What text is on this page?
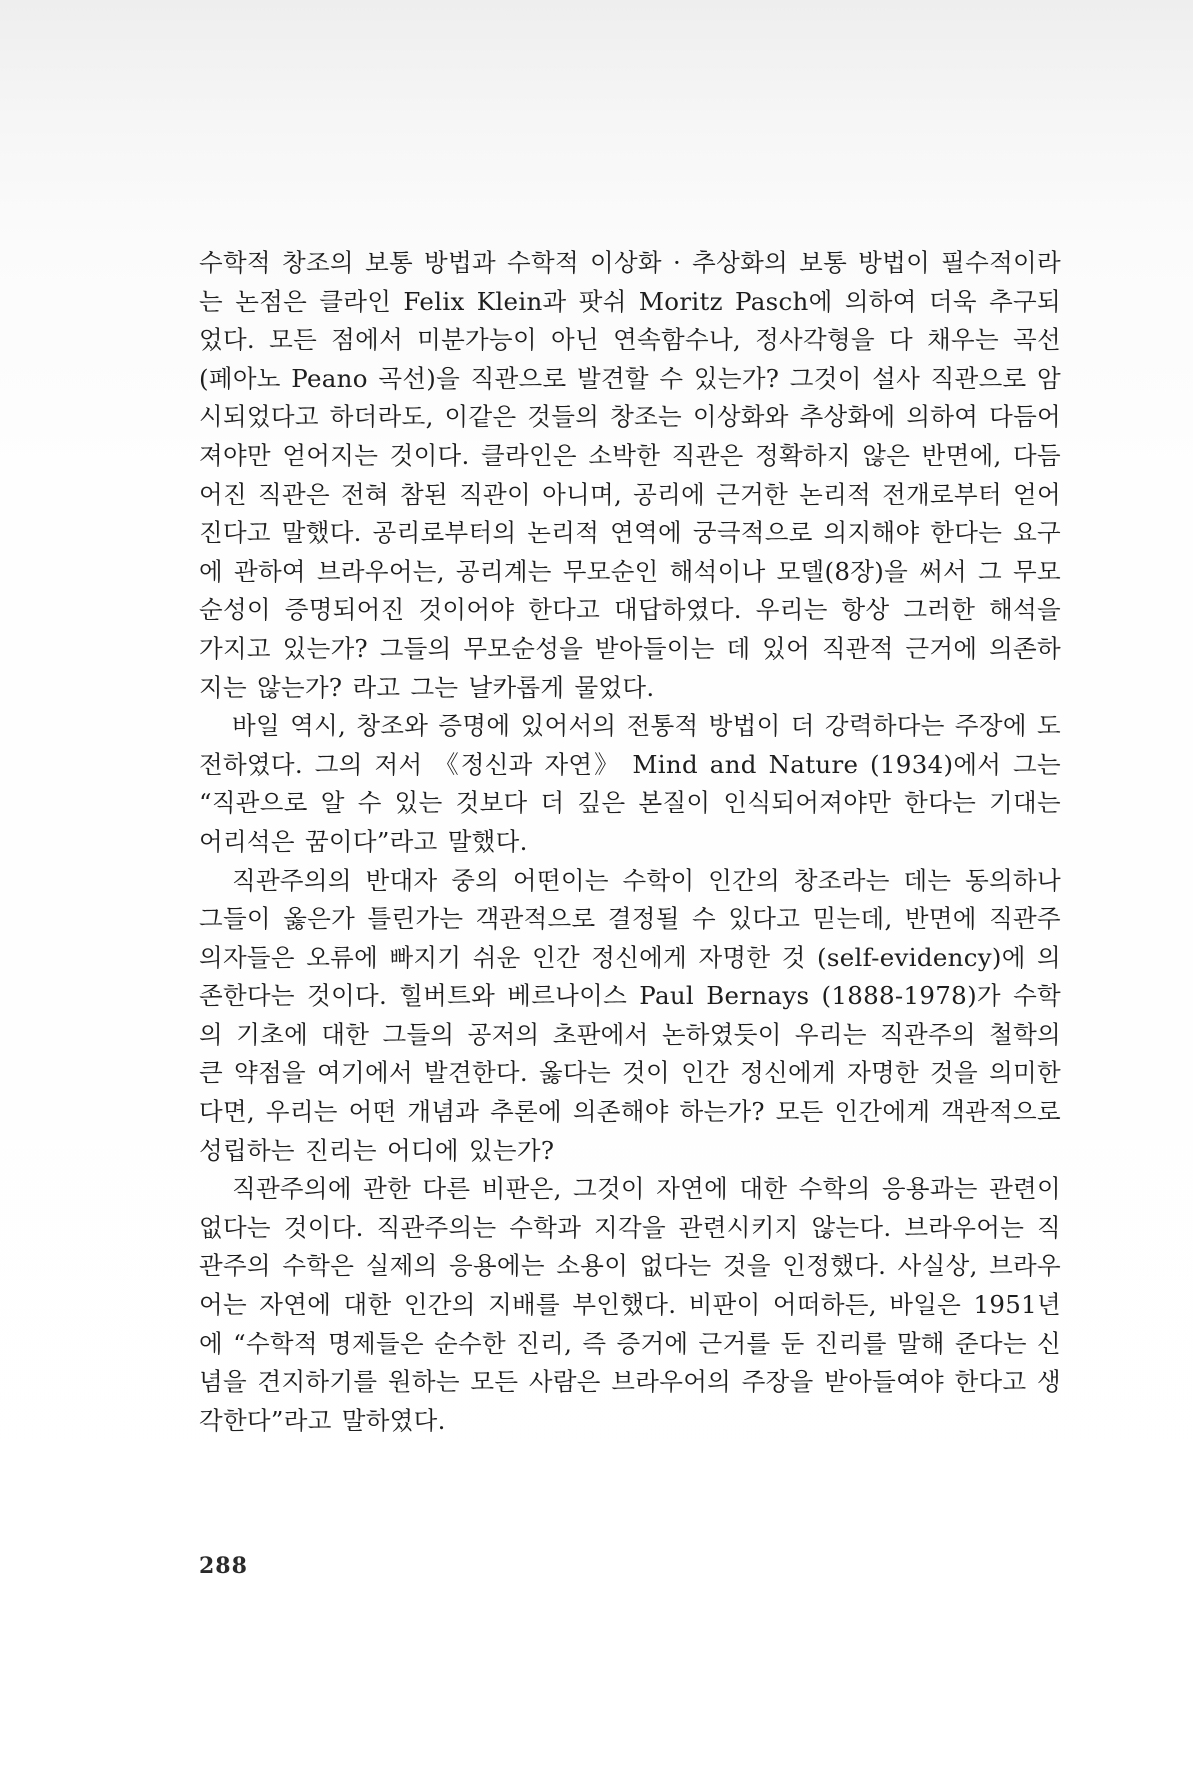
수학적 창조의 보통 방법과 수학적 이상화 · 추상화의 보통 방법이 필수적이라는 논점은 클라인 Felix Klein과 팟쉬 Moritz Pasch에 의하여 더욱 추구되었다. 모든 점에서 미분가능이 아닌 연속함수나, 정사각형을 다 채우는 곡선 (페아노 Peano 곡선)을 직관으로 발견할 수 있는가? 그것이 설사 직관으로 암시되었다고 하더라도, 이같은 것들의 창조는 이상화와 추상화에 의하여 다듬어져야만 얻어지는 것이다. 클라인은 소박한 직관은 정확하지 않은 반면에, 다듬어진 직관은 전혀 참된 직관이 아니며, 공리에 근거한 논리적 전개로부터 얻어진다고 말했다. 공리로부터의 논리적 연역에 궁극적으로 의지해야 한다는 요구에 관하여 브라우어는, 공리계는 무모순인 해석이나 모델(8장)을 써서 그 무모순성이 증명되어진 것이어야 한다고 대답하였다. 우리는 항상 그러한 해석을 가지고 있는가? 그들의 무모순성을 받아들이는 데 있어 직관적 근거에 의존하지는 않는가? 라고 그는 날카롭게 물었다.

바일 역시, 창조와 증명에 있어서의 전통적 방법이 더 강력하다는 주장에 도전하였다. 그의 저서 《정신과 자연》 Mind and Nature (1934)에서 그는 “직관으로 알 수 있는 것보다 더 깊은 본질이 인식되어져야만 한다는 기대는 어리석은 꿈이다”라고 말했다.

직관주의의 반대자 중의 어떤이는 수학이 인간의 창조라는 데는 동의하나 그들이 옳은가 틀린가는 객관적으로 결정될 수 있다고 믿는데, 반면에 직관주의자들은 오류에 빠지기 쉬운 인간 정신에게 자명한 것 (self-evidency)에 의존한다는 것이다. 힐버트와 베르나이스 Paul Bernays (1888-1978)가 수학의 기초에 대한 그들의 공저의 초판에서 논하였듯이 우리는 직관주의 철학의 큰 약점을 여기에서 발견한다. 옳다는 것이 인간 정신에게 자명한 것을 의미한다면, 우리는 어떤 개념과 추론에 의존해야 하는가? 모든 인간에게 객관적으로 성립하는 진리는 어디에 있는가?

직관주의에 관한 다른 비판은, 그것이 자연에 대한 수학의 응용과는 관련이 없다는 것이다. 직관주의는 수학과 지각을 관련시키지 않는다. 브라우어는 직관주의 수학은 실제의 응용에는 소용이 없다는 것을 인정했다. 사실상, 브라우어는 자연에 대한 인간의 지배를 부인했다. 비판이 어떠하든, 바일은 1951년에 “수학적 명제들은 순수한 진리, 즉 증거에 근거를 둔 진리를 말해 준다는 신념을 견지하기를 원하는 모든 사람은 브라우어의 주장을 받아들여야 한다고 생각한다”라고 말하였다.

288
